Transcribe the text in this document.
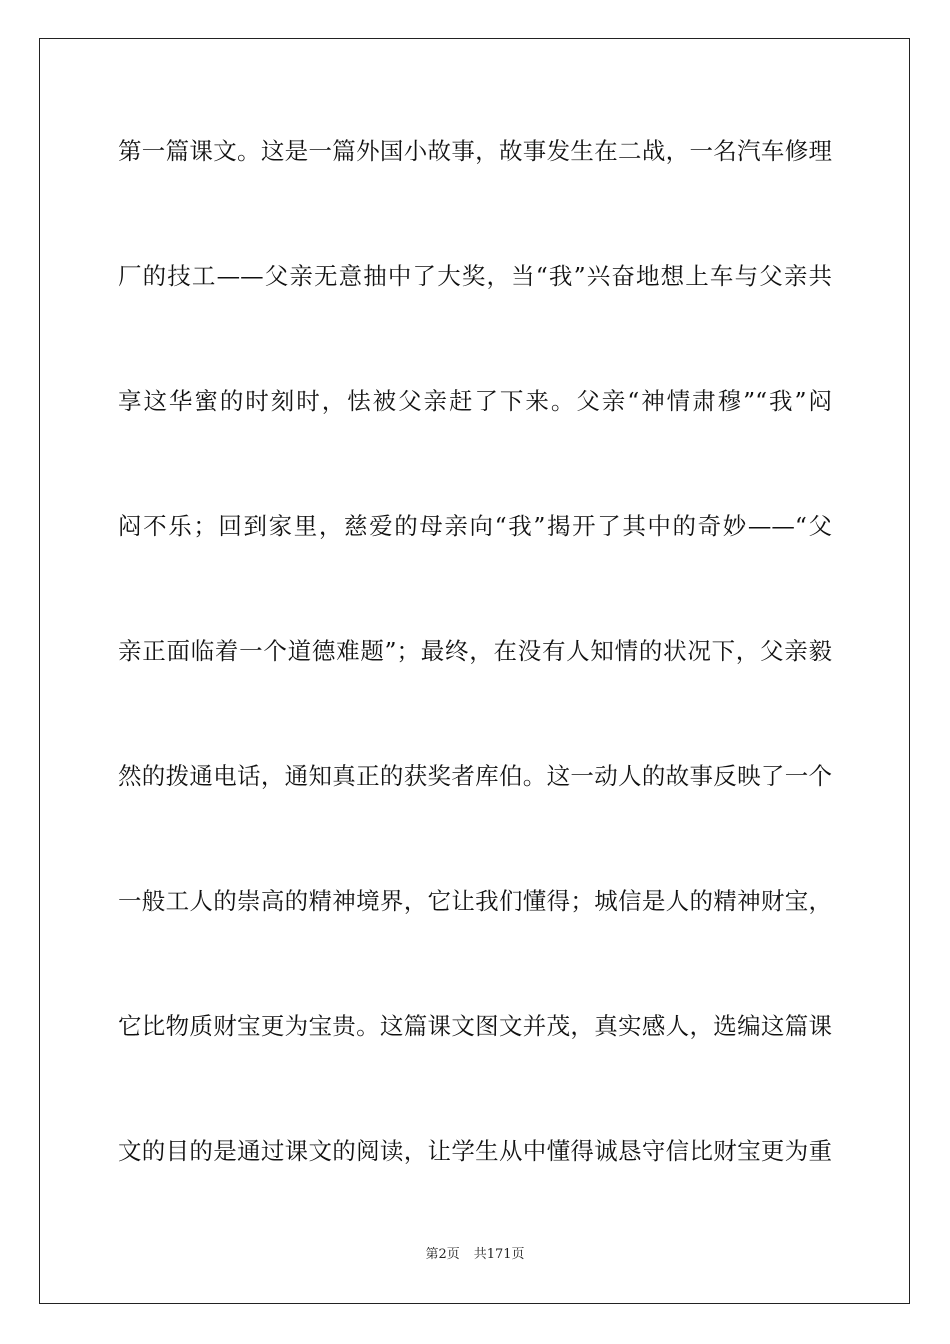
第一篇课文。这是一篇外国小故事，故事发生在二战，一名汽车修理
厂的技工——父亲无意抽中了大奖，当“我”兴奋地想上车与父亲共
享这华蜜的时刻时，怯被父亲赶了下来。父亲“神情肃穆”“我”闷
闷不乐；回到家里，慈爱的母亲向“我”揭开了其中的奇妙——“父
亲正面临着一个道德难题”；最终，在没有人知情的状况下，父亲毅
然的拨通电话，通知真正的获奖者库伯。这一动人的故事反映了一个
一般工人的崇高的精神境界，它让我们懂得；城信是人的精神财宝，
它比物质财宝更为宝贵。这篇课文图文并茂，真实感人，选编这篇课
文的目的是通过课文的阅读，让学生从中懂得诚恳守信比财宝更为重
第2页 共171页
